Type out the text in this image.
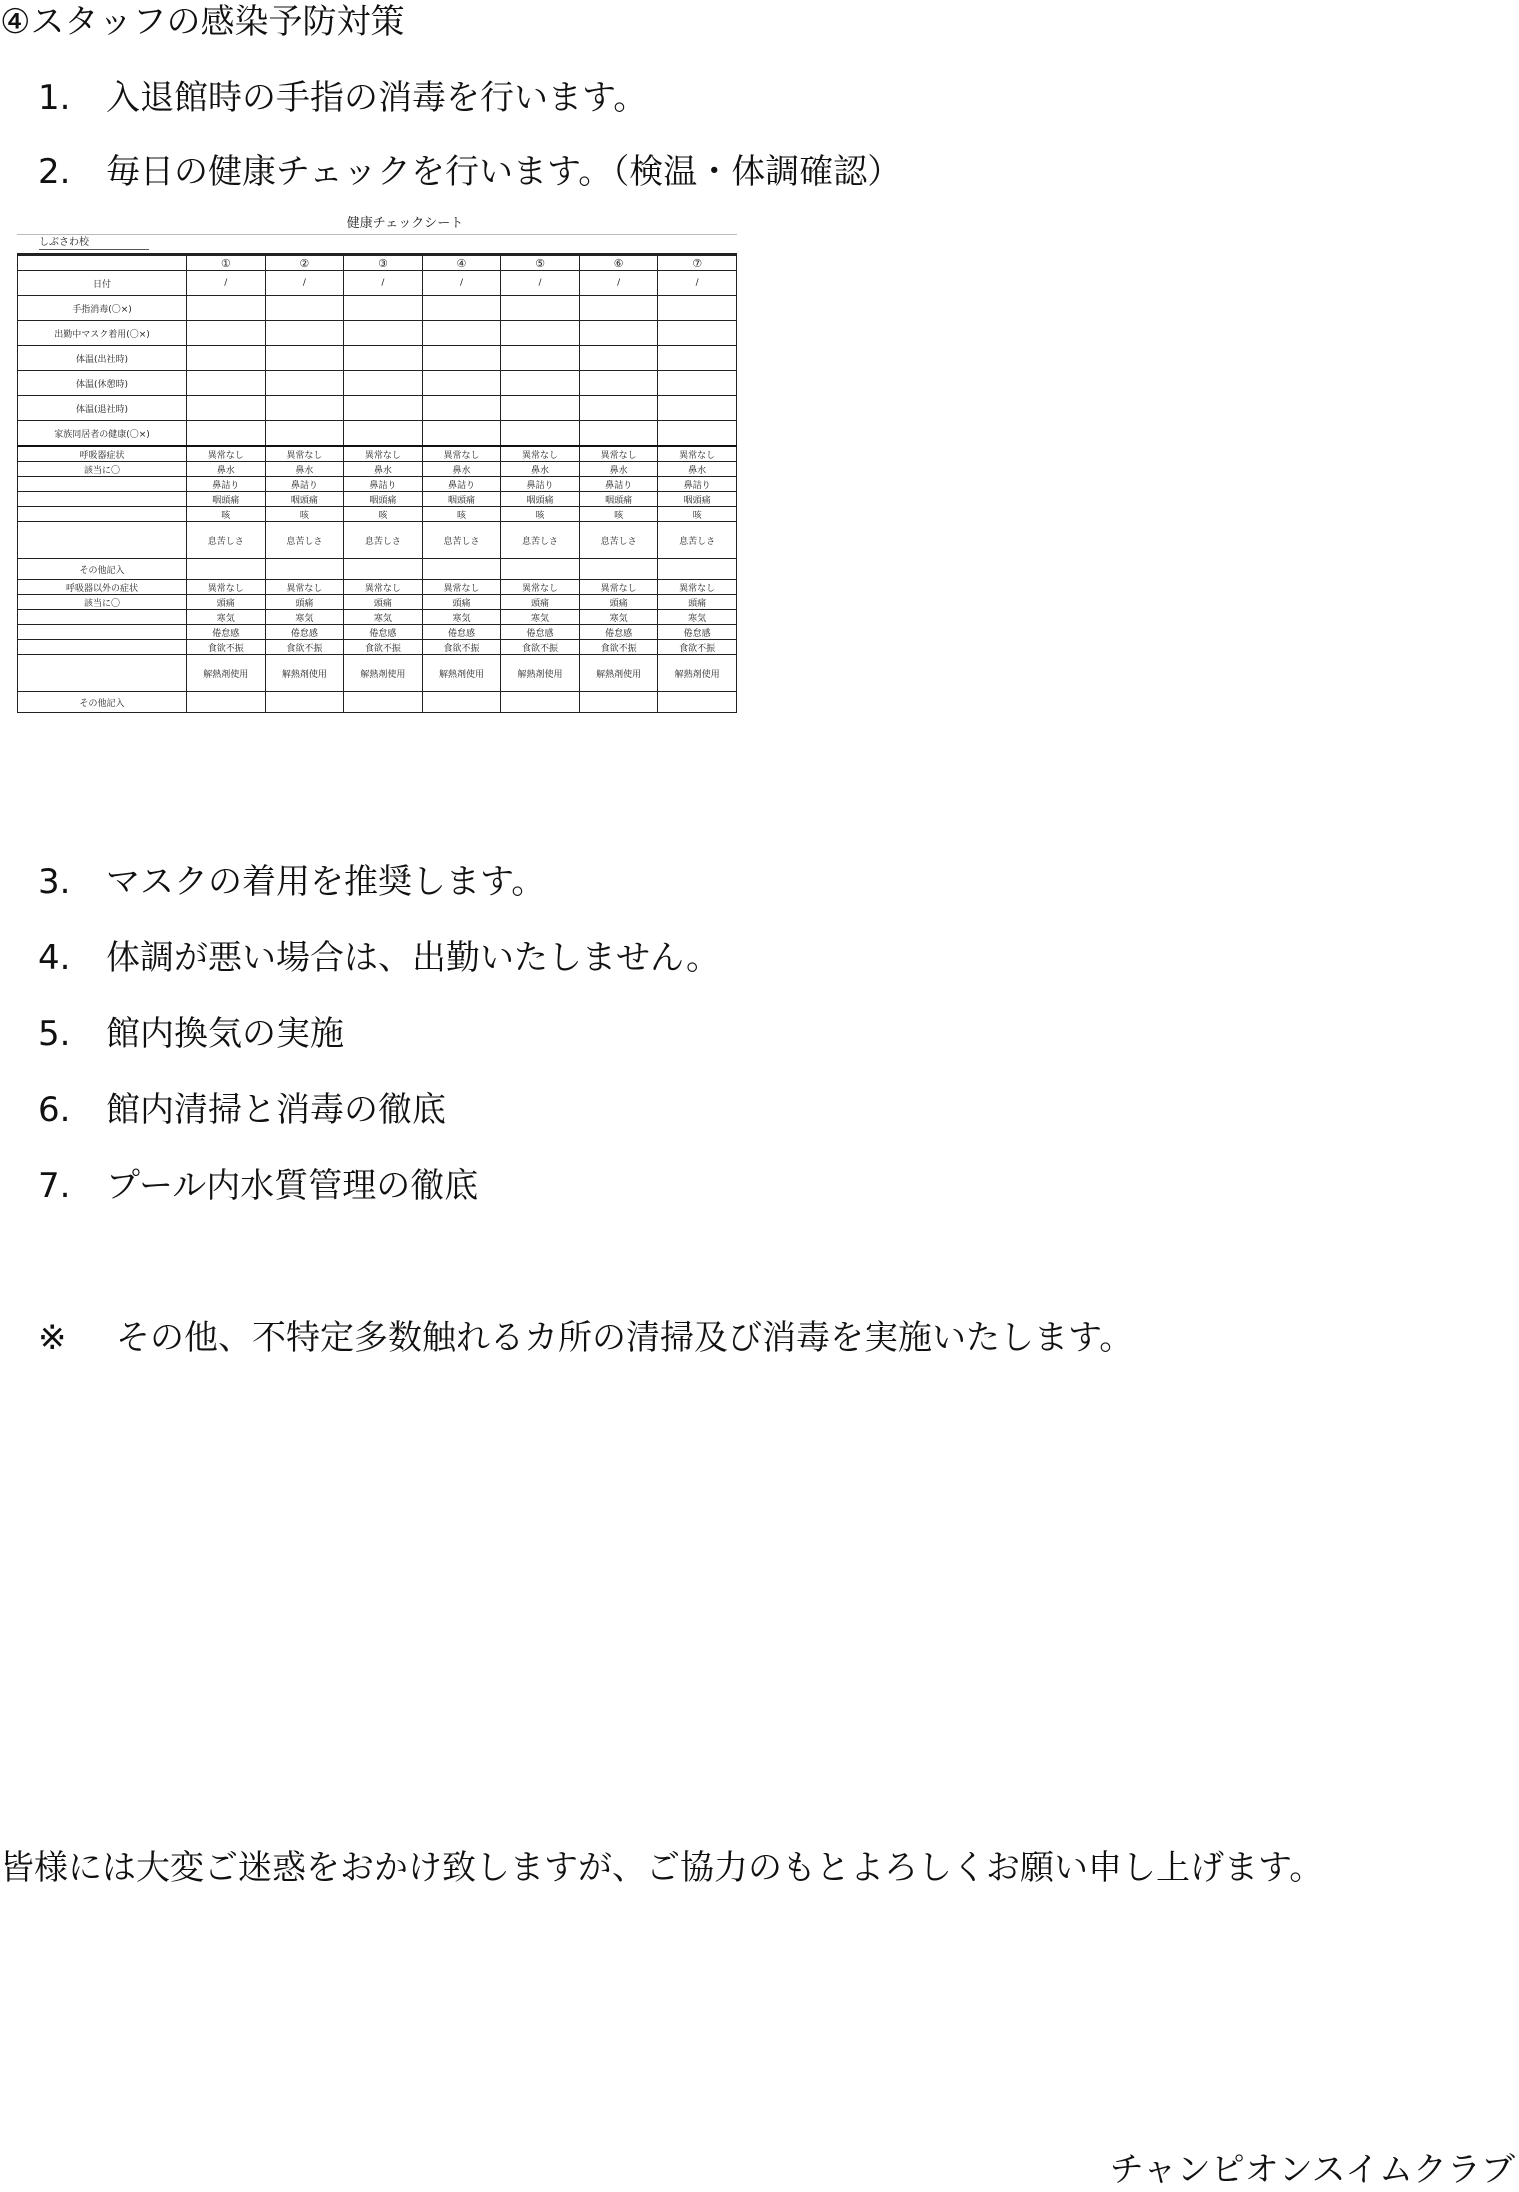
④スタッフの感染予防対策
1. 入退館時の手指の消毒を行います。
2. 毎日の健康チェックを行います。（検温・体調確認）
健康チェックシート
しぶさわ校
	①	②	③	④	⑤	⑥	⑦
日付	/	/	/	/	/	/	/
手指消毒(〇×)							
出勤中マスク着用(〇×)							
体温(出社時)							
体温(休憩時)							
体温(退社時)							
家族同居者の健康(〇×)							
呼吸器症状	異常なし	異常なし	異常なし	異常なし	異常なし	異常なし	異常なし
該当に〇	鼻水	鼻水	鼻水	鼻水	鼻水	鼻水	鼻水
	鼻詰り	鼻詰り	鼻詰り	鼻詰り	鼻詰り	鼻詰り	鼻詰り
	咽頭痛	咽頭痛	咽頭痛	咽頭痛	咽頭痛	咽頭痛	咽頭痛
	咳	咳	咳	咳	咳	咳	咳
	息苦しさ	息苦しさ	息苦しさ	息苦しさ	息苦しさ	息苦しさ	息苦しさ
その他記入							
呼吸器以外の症状	異常なし	異常なし	異常なし	異常なし	異常なし	異常なし	異常なし
該当に〇	頭痛	頭痛	頭痛	頭痛	頭痛	頭痛	頭痛
	寒気	寒気	寒気	寒気	寒気	寒気	寒気
	倦怠感	倦怠感	倦怠感	倦怠感	倦怠感	倦怠感	倦怠感
	食欲不振	食欲不振	食欲不振	食欲不振	食欲不振	食欲不振	食欲不振
	解熱剤使用	解熱剤使用	解熱剤使用	解熱剤使用	解熱剤使用	解熱剤使用	解熱剤使用
その他記入							
3. マスクの着用を推奨します。
4. 体調が悪い場合は、出勤いたしません。
5. 館内換気の実施
6. 館内清掃と消毒の徹底
7. プール内水質管理の徹底
※ その他、不特定多数触れるカ所の清掃及び消毒を実施いたします。
皆様には大変ご迷惑をおかけ致しますが、ご協力のもとよろしくお願い申し上げます。
チャンピオンスイムクラブ
